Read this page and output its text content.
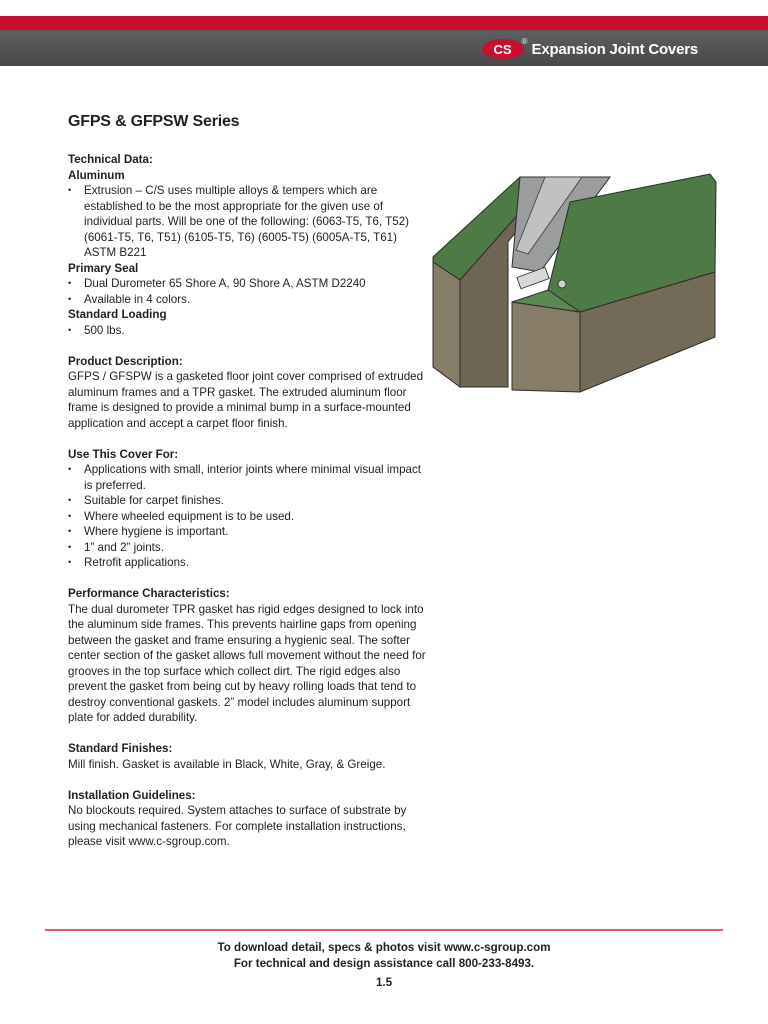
CS ® Expansion Joint Covers
GFPS & GFPSW Series
Technical Data:
Aluminum
• Extrusion – C/S uses multiple alloys & tempers which are established to be the most appropriate for the given use of individual parts. Will be one of the following: (6063-T5, T6, T52) (6061-T5, T6, T51) (6105-T5, T6) (6005-T5) (6005A-T5, T61) ASTM B221
Primary Seal
• Dual Durometer 65 Shore A, 90 Shore A, ASTM D2240
• Available in 4 colors.
Standard Loading
• 500 lbs.
Product Description:

GFPS / GFSPW is a gasketed floor joint cover comprised of extruded aluminum frames and a TPR gasket. The extruded aluminum floor frame is designed to provide a minimal bump in a surface-mounted application and accept a carpet floor finish.

Use This Cover For:
• Applications with small, interior joints where minimal visual impact is preferred.
• Suitable for carpet finishes.
• Where wheeled equipment is to be used.
• Where hygiene is important.
• 1” and 2” joints.
• Retrofit applications.
Performance Characteristics:

The dual durometer TPR gasket has rigid edges designed to lock into the aluminum side frames. This prevents hairline gaps from opening between the gasket and frame ensuring a hygienic seal. The softer center section of the gasket allows full movement without the need for grooves in the top surface which collect dirt. The rigid edges also prevent the gasket from being cut by heavy rolling loads that tend to destroy conventional gaskets. 2” model includes aluminum support plate for added durability.

Standard Finishes:

Mill finish. Gasket is available in Black, White, Gray, & Greige.

Installation Guidelines:

No blockouts required. System attaches to surface of substrate by using mechanical fasteners. For complete installation instructions, please visit www.c-sgroup.com.

To download detail, specs & photos visit www.c-sgroup.com
For technical and design assistance call 800-233-8493.
1.5
